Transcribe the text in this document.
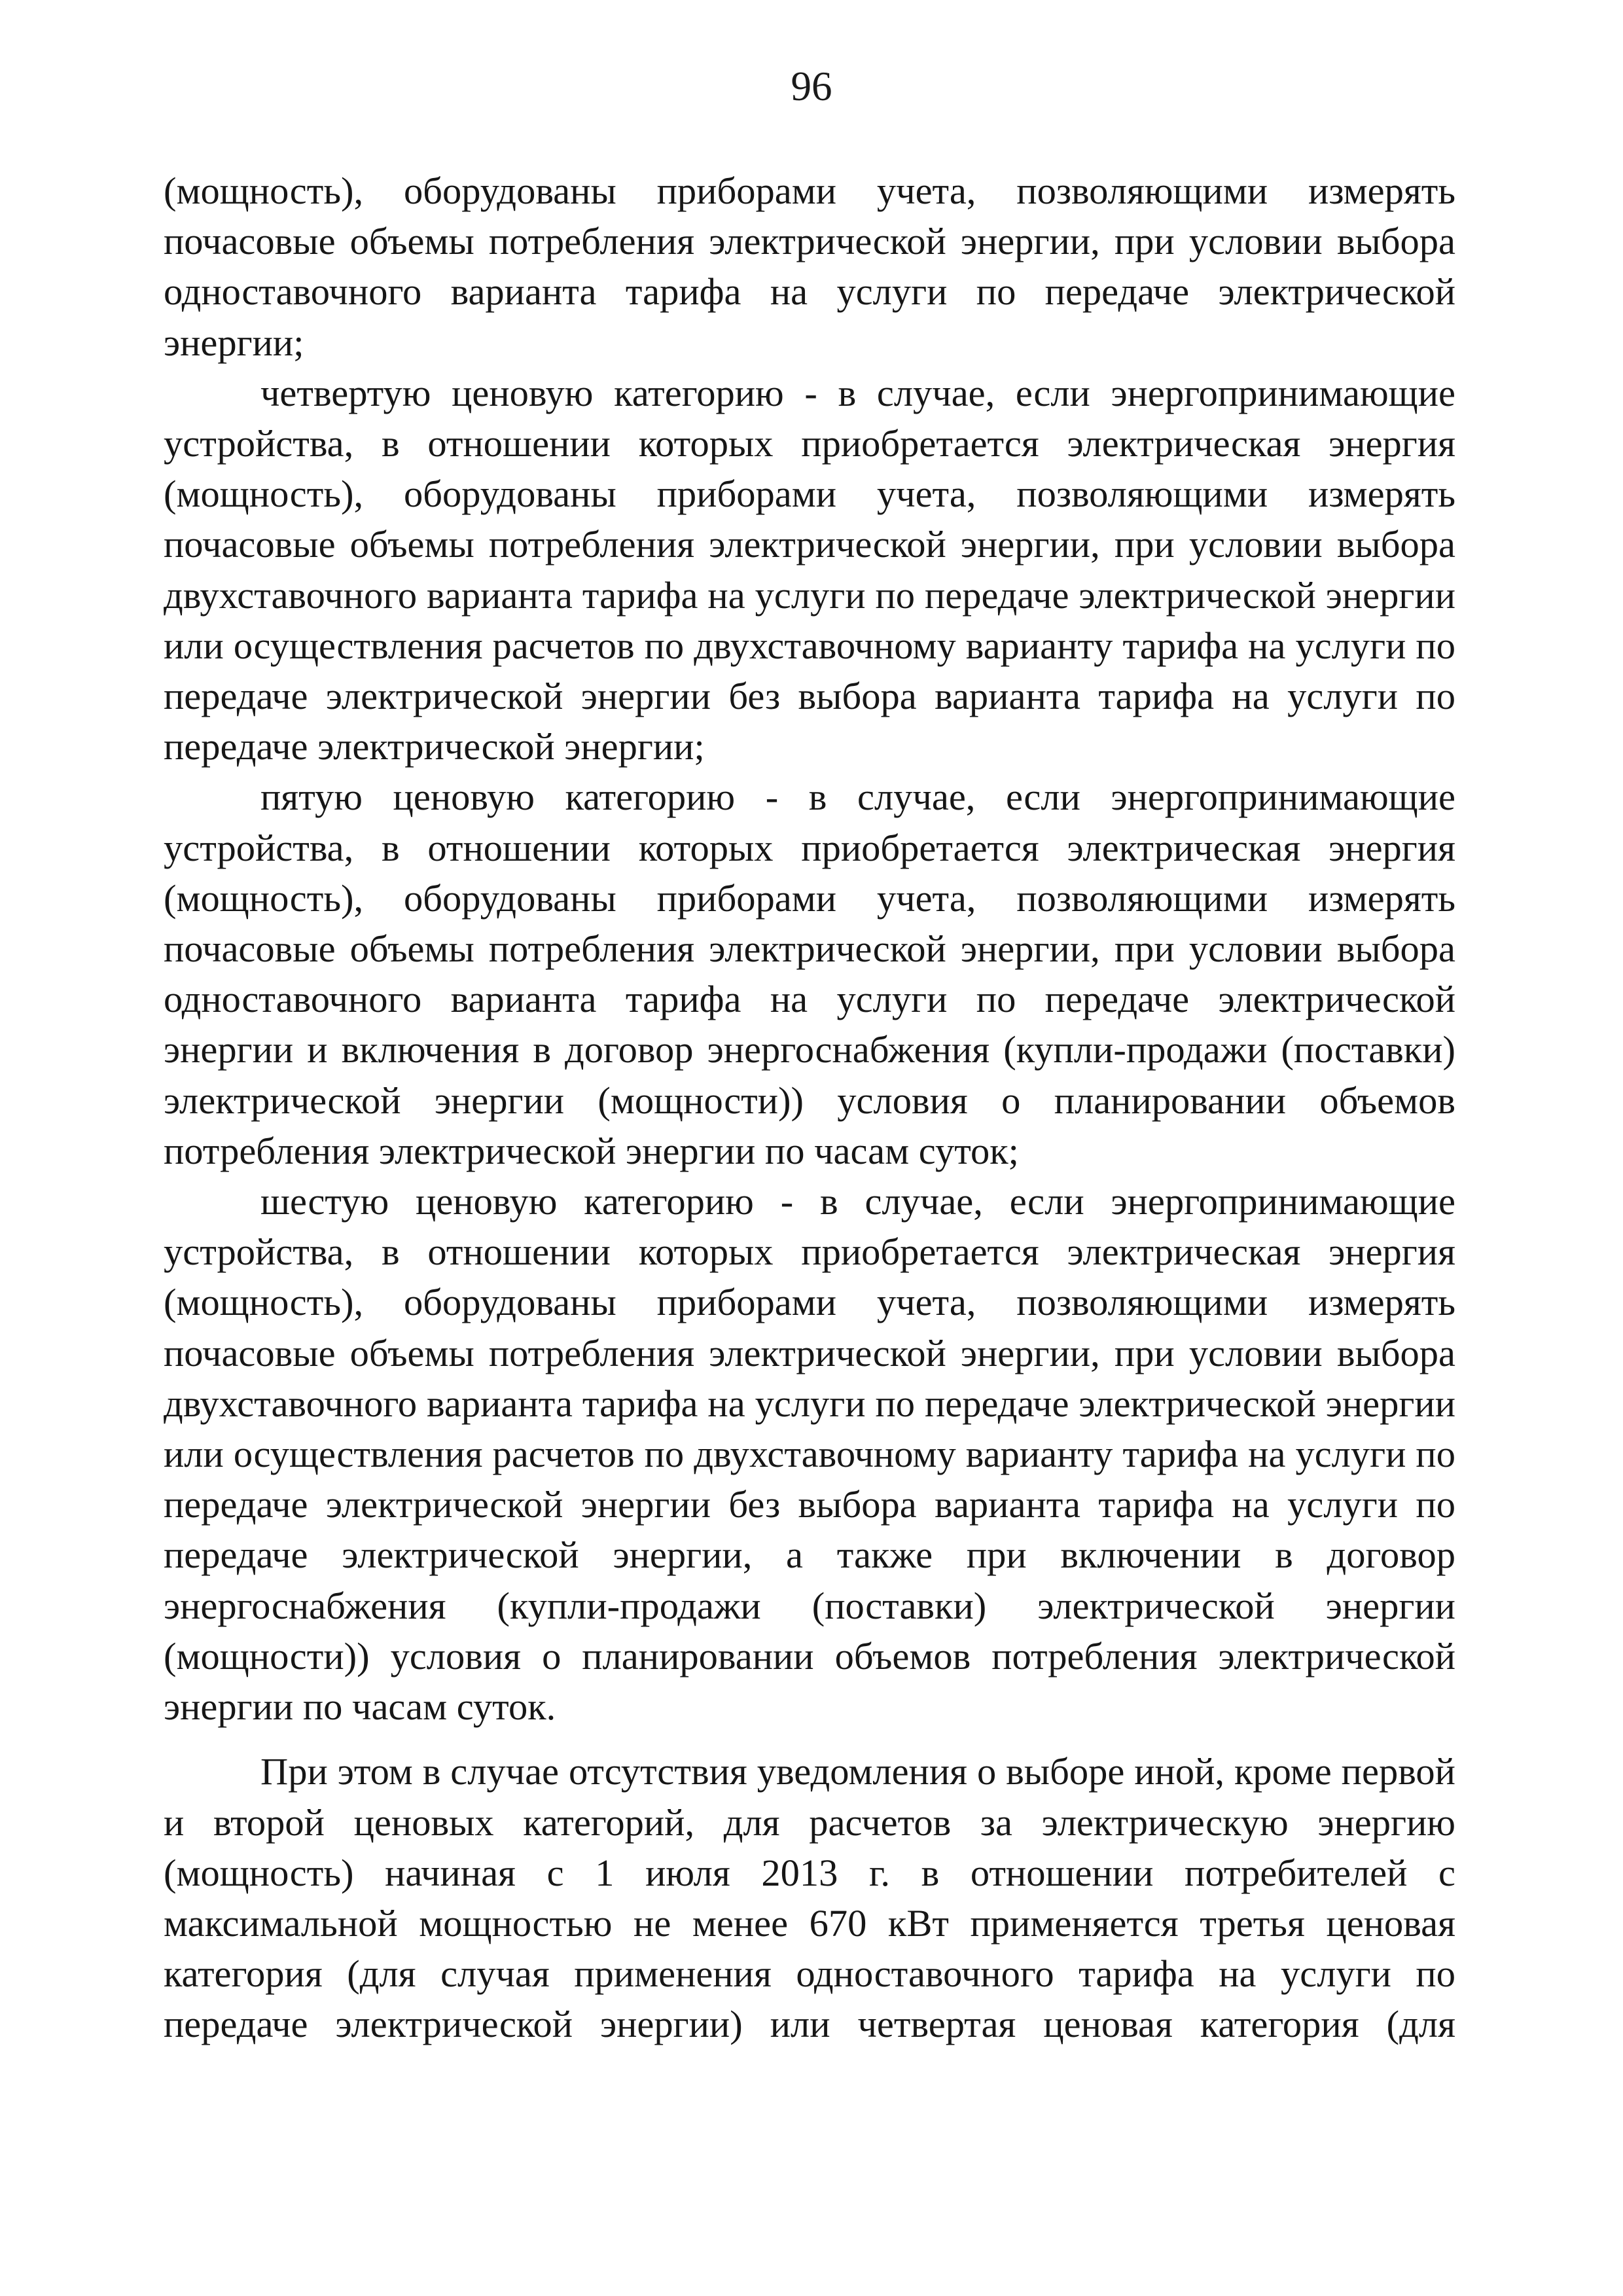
96

(мощность), оборудованы приборами учета, позволяющими измерять почасовые объемы потребления электрической энергии, при условии выбора одноставочного варианта тарифа на услуги по передаче электрической энергии;

четвертую ценовую категорию - в случае, если энергопринимающие устройства, в отношении которых приобретается электрическая энергия (мощность), оборудованы приборами учета, позволяющими измерять почасовые объемы потребления электрической энергии, при условии выбора двухставочного варианта тарифа на услуги по передаче электрической энергии или осуществления расчетов по двухставочному варианту тарифа на услуги по передаче электрической энергии без выбора варианта тарифа на услуги по передаче электрической энергии;

пятую ценовую категорию - в случае, если энергопринимающие устройства, в отношении которых приобретается электрическая энергия (мощность), оборудованы приборами учета, позволяющими измерять почасовые объемы потребления электрической энергии, при условии выбора одноставочного варианта тарифа на услуги по передаче электрической энергии и включения в договор энергоснабжения (купли-продажи (поставки) электрической энергии (мощности)) условия о планировании объемов потребления электрической энергии по часам суток;

шестую ценовую категорию - в случае, если энергопринимающие устройства, в отношении которых приобретается электрическая энергия (мощность), оборудованы приборами учета, позволяющими измерять почасовые объемы потребления электрической энергии, при условии выбора двухставочного варианта тарифа на услуги по передаче электрической энергии или осуществления расчетов по двухставочному варианту тарифа на услуги по передаче электрической энергии без выбора варианта тарифа на услуги по передаче электрической энергии, а также при включении в договор энергоснабжения (купли-продажи (поставки) электрической энергии (мощности)) условия о планировании объемов потребления электрической энергии по часам суток.

При этом в случае отсутствия уведомления о выборе иной, кроме первой и второй ценовых категорий, для расчетов за электрическую энергию (мощность) начиная с 1 июля 2013 г. в отношении потребителей с максимальной мощностью не менее 670 кВт применяется третья ценовая категория (для случая применения одноставочного тарифа на услуги по передаче электрической энергии) или четвертая ценовая категория (для
